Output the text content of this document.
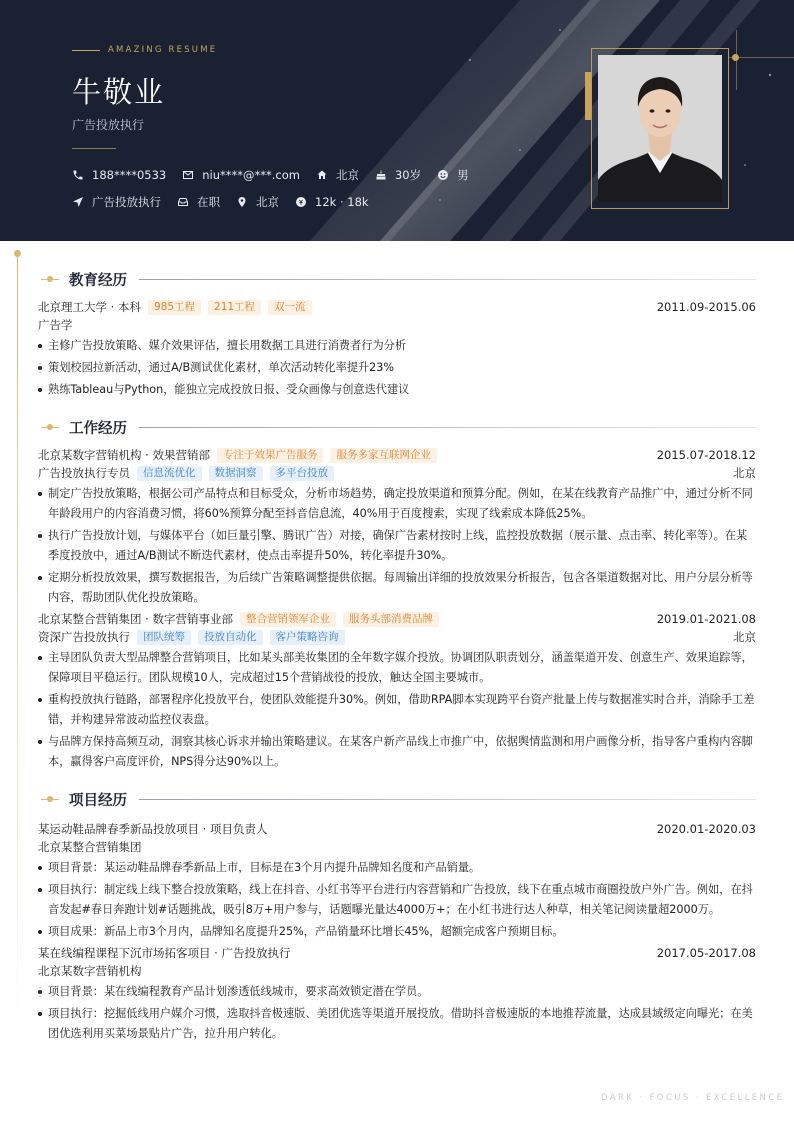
AMAZING RESUME
牛敬业
广告投放执行
188****0533	niu****@***.com	北京	30岁	男
广告投放执行	在职	北京	12k · 18k
教育经历
北京理工大学 · 本科	985工程	211工程	双一流	2011.09-2015.06
广告学
主修广告投放策略、媒介效果评估，擅长用数据工具进行消费者行为分析
策划校园拉新活动，通过A/B测试优化素材，单次活动转化率提升23%
熟练Tableau与Python，能独立完成投放日报、受众画像与创意迭代建议
工作经历
北京某数字营销机构 · 效果营销部	专注于效果广告服务	服务多家互联网企业	2015.07-2018.12
广告投放执行专员	信息流优化	数据洞察	多平台投放	北京
制定广告投放策略，根据公司产品特点和目标受众，分析市场趋势，确定投放渠道和预算分配。例如，在某在线教育产品推广中，通过分析不同年龄段用户的内容消费习惯，将60%预算分配至抖音信息流，40%用于百度搜索，实现了线索成本降低25%。
执行广告投放计划，与媒体平台（如巨量引擎、腾讯广告）对接，确保广告素材按时上线，监控投放数据（展示量、点击率、转化率等）。在某季度投放中，通过A/B测试不断迭代素材，使点击率提升50%，转化率提升30%。
定期分析投放效果，撰写数据报告，为后续广告策略调整提供依据。每周输出详细的投放效果分析报告，包含各渠道数据对比、用户分层分析等内容，帮助团队优化投放策略。
北京某整合营销集团 · 数字营销事业部	整合营销领军企业	服务头部消费品牌	2019.01-2021.08
资深广告投放执行	团队统筹	投放自动化	客户策略咨询	北京
主导团队负责大型品牌整合营销项目，比如某头部美妆集团的全年数字媒介投放。协调团队职责划分，涵盖渠道开发、创意生产、效果追踪等，保障项目平稳运行。团队规模10人，完成超过15个营销战役的投放，触达全国主要城市。
重构投放执行链路，部署程序化投放平台，使团队效能提升30%。例如，借助RPA脚本实现跨平台资产批量上传与数据准实时合并，消除手工差错，并构建异常波动监控仪表盘。
与品牌方保持高频互动，洞察其核心诉求并输出策略建议。在某客户新产品线上市推广中，依据舆情监测和用户画像分析，指导客户重构内容脚本，赢得客户高度评价，NPS得分达90%以上。
项目经历
某运动鞋品牌春季新品投放项目 · 项目负责人	2020.01-2020.03
北京某整合营销集团
项目背景：某运动鞋品牌春季新品上市，目标是在3个月内提升品牌知名度和产品销量。
项目执行：制定线上线下整合投放策略，线上在抖音、小红书等平台进行内容营销和广告投放，线下在重点城市商圈投放户外广告。例如，在抖音发起#春日奔跑计划#话题挑战，吸引8万+用户参与，话题曝光量达4000万+；在小红书进行达人种草，相关笔记阅读量超2000万。
项目成果：新品上市3个月内，品牌知名度提升25%，产品销量环比增长45%，超额完成客户预期目标。
某在线编程课程下沉市场拓客项目 · 广告投放执行	2017.05-2017.08
北京某数字营销机构
项目背景：某在线编程教育产品计划渗透低线城市，要求高效锁定潜在学员。
项目执行：挖掘低线用户媒介习惯，选取抖音极速版、美团优选等渠道开展投放。借助抖音极速版的本地推荐流量，达成县域级定向曝光；在美团优选利用买菜场景贴片广告，拉升用户转化。
DARK · FOCUS · EXCELLENCE
